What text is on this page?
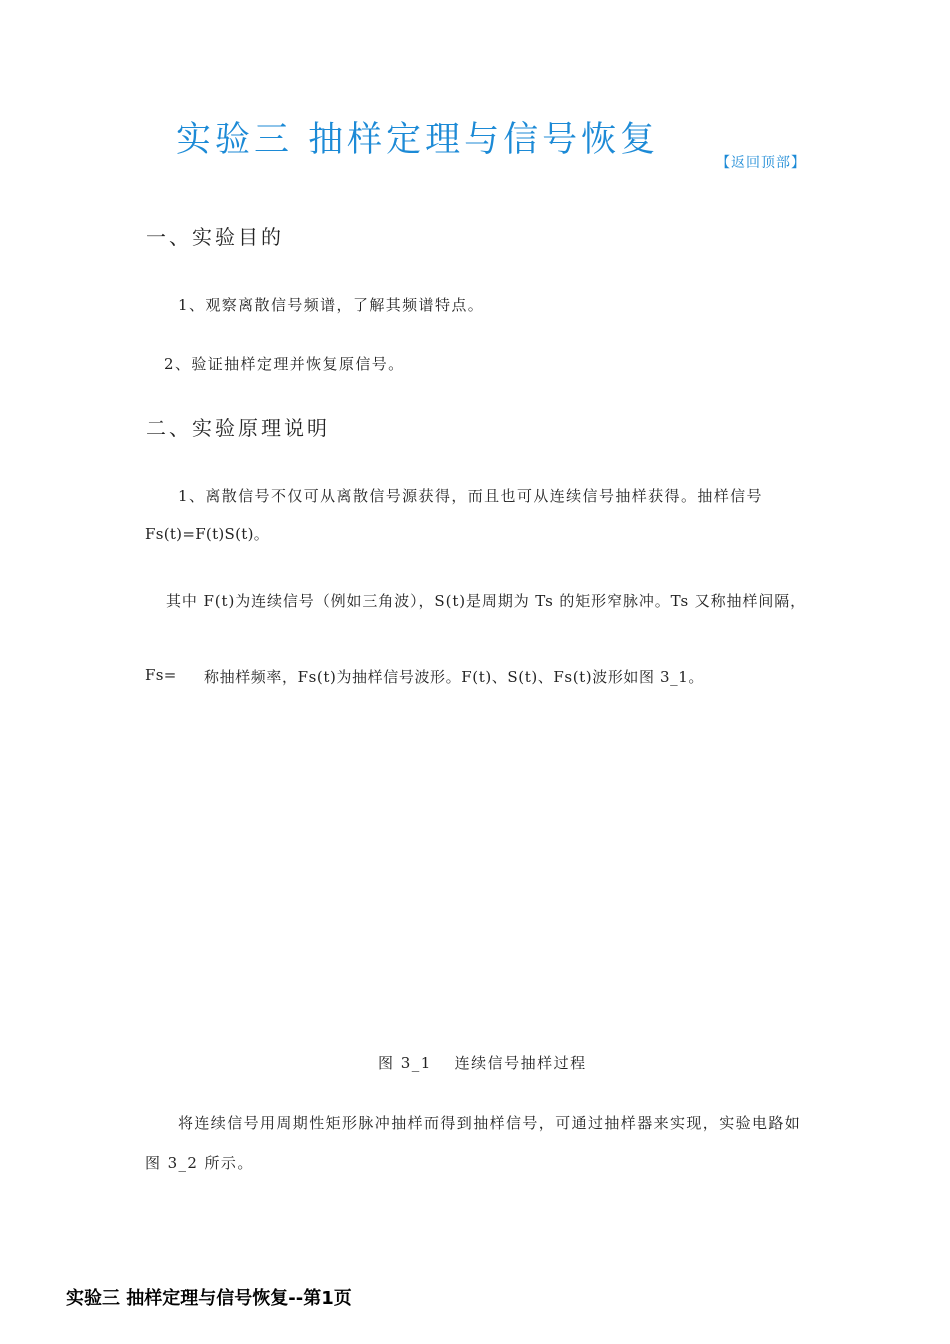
实验三 抽样定理与信号恢复
【返回顶部】
一、实验目的
1、观察离散信号频谱，了解其频谱特点。
2、验证抽样定理并恢复原信号。
二、实验原理说明
1、离散信号不仅可从离散信号源获得，而且也可从连续信号抽样获得。抽样信号
Fs(t)=F(t)S(t)。
其中 F(t)为连续信号（例如三角波），S(t)是周期为 Ts 的矩形窄脉冲。Ts 又称抽样间隔，
Fs= 称抽样频率，Fs(t)为抽样信号波形。F(t)、S(t)、Fs(t)波形如图 3_1。
图 3_1　 连续信号抽样过程
将连续信号用周期性矩形脉冲抽样而得到抽样信号，可通过抽样器来实现，实验电路如
图 3_2 所示。
实验三 抽样定理与信号恢复--第1页
